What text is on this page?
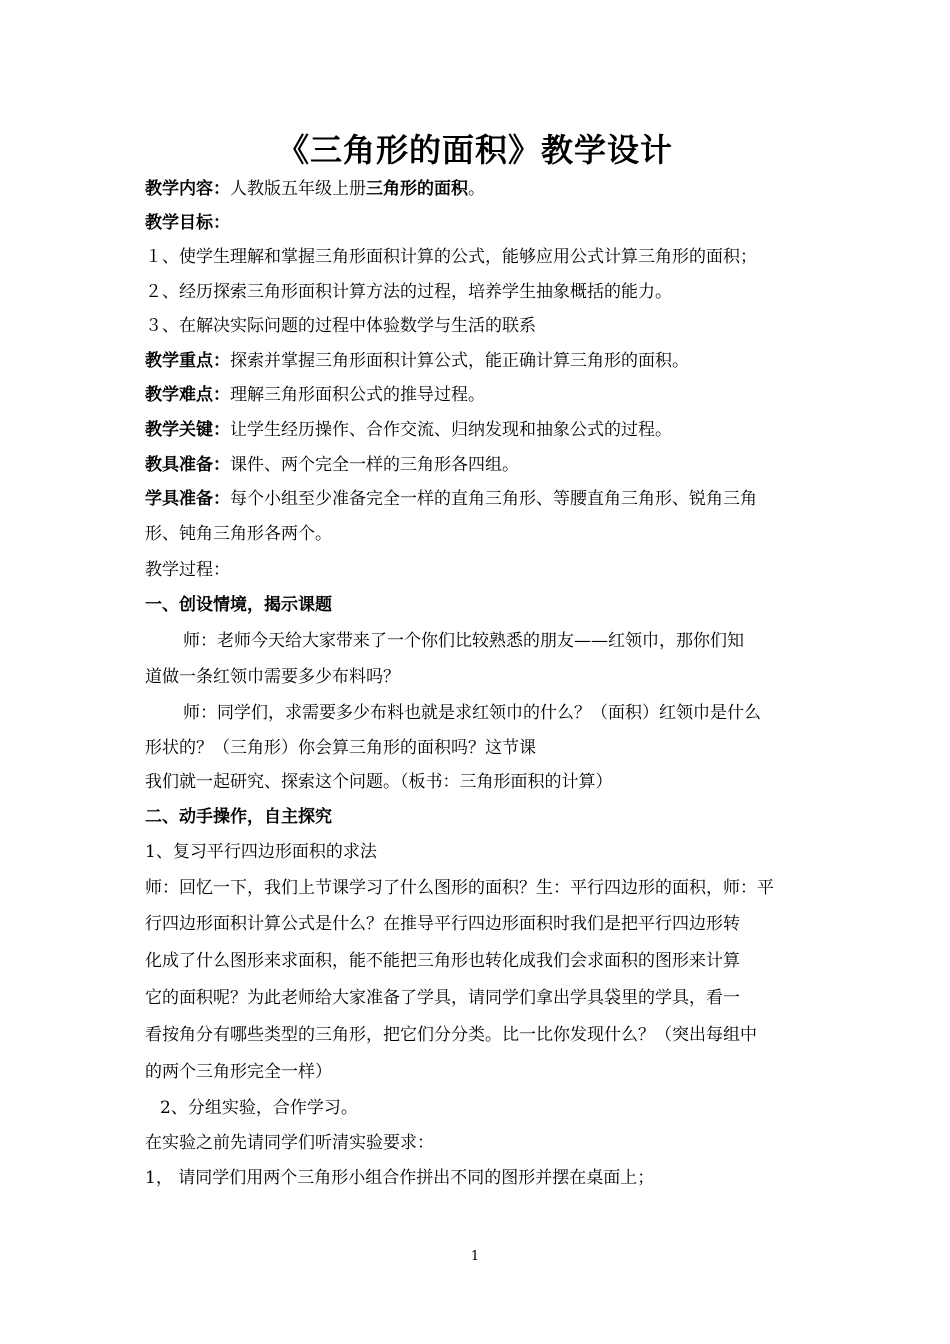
《三角形的面积》教学设计
教学内容：人教版五年级上册三角形的面积。
教学目标：
１、使学生理解和掌握三角形面积计算的公式，能够应用公式计算三角形的面积；
２、经历探索三角形面积计算方法的过程，培养学生抽象概括的能力。
３、在解决实际问题的过程中体验数学与生活的联系
教学重点：探索并掌握三角形面积计算公式，能正确计算三角形的面积。
教学难点：理解三角形面积公式的推导过程。
教学关键：让学生经历操作、合作交流、归纳发现和抽象公式的过程。
教具准备：课件、两个完全一样的三角形各四组。
学具准备：每个小组至少准备完全一样的直角三角形、等腰直角三角形、锐角三角
形、钝角三角形各两个。
教学过程：
一、创设情境，揭示课题
师：老师今天给大家带来了一个你们比较熟悉的朋友——红领巾，那你们知
道做一条红领巾需要多少布料吗？
师：同学们，求需要多少布料也就是求红领巾的什么？（面积）红领巾是什么
形状的？（三角形）你会算三角形的面积吗？这节课
我们就一起研究、探索这个问题。（板书：三角形面积的计算）
二、动手操作，自主探究
1、复习平行四边形面积的求法
师：回忆一下，我们上节课学习了什么图形的面积？生：平行四边形的面积，师：平
行四边形面积计算公式是什么？在推导平行四边形面积时我们是把平行四边形转
化成了什么图形来求面积，能不能把三角形也转化成我们会求面积的图形来计算
它的面积呢？为此老师给大家准备了学具，请同学们拿出学具袋里的学具，看一
看按角分有哪些类型的三角形，把它们分分类。比一比你发现什么？（突出每组中
的两个三角形完全一样）
2、分组实验，合作学习。
在实验之前先请同学们听清实验要求：
1， 请同学们用两个三角形小组合作拼出不同的图形并摆在桌面上；
1
